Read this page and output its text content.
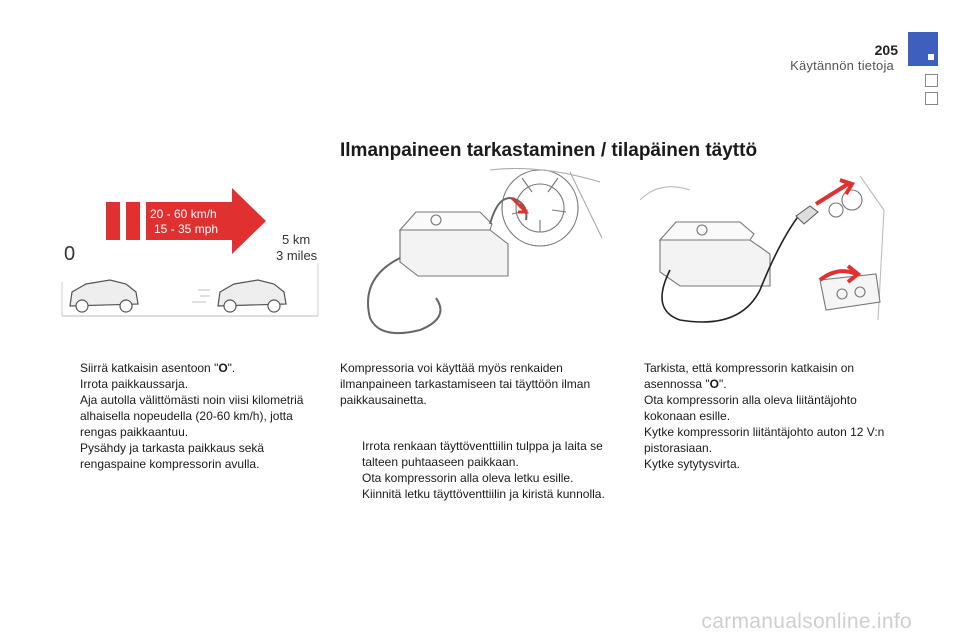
205
Käytännön tietoja
Ilmanpaineen tarkastaminen / tilapäinen täyttö
20 - 60 km/h
15 - 35 mph
0
5 km
3 miles
Siirrä katkaisin asentoon "O".
Irrota paikkaussarja.
Aja autolla välittömästi noin viisi kilometriä alhaisella nopeudella (20-60 km/h), jotta rengas paikkaantuu.
Pysähdy ja tarkasta paikkaus sekä rengaspaine kompressorin avulla.

Kompressoria voi käyttää myös renkaiden ilmanpaineen tarkastamiseen tai täyttöön ilman paikkausainetta.

Irrota renkaan täyttöventtiilin tulppa ja laita se talteen puhtaaseen paikkaan.
Ota kompressorin alla oleva letku esille.
Kiinnitä letku täyttöventtiilin ja kiristä kunnolla.
Tarkista, että kompressorin katkaisin on asennossa "O".
Ota kompressorin alla oleva liitäntäjohto kokonaan esille.
Kytke kompressorin liitäntäjohto auton 12 V:n pistorasiaan.
Kytke sytytysvirta.
carmanualsonline.info
